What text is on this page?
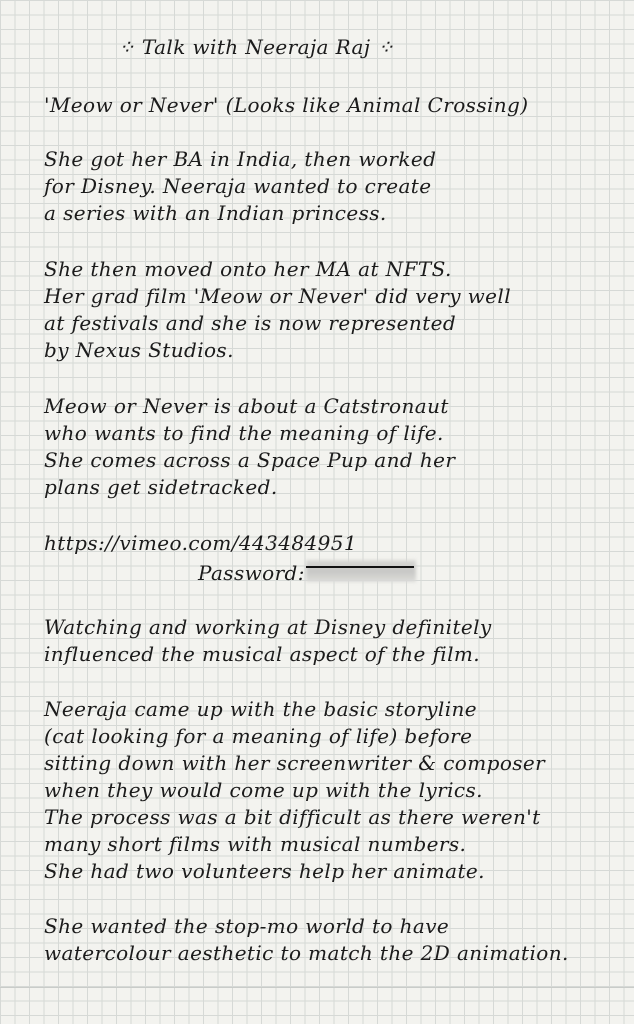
⁘ Talk with Neeraja Raj ⁘
'Meow or Never' (Looks like Animal Crossing)
She got her BA in India, then worked
for Disney. Neeraja wanted to create
a series with an Indian princess.
She then moved onto her MA at NFTS.
Her grad film 'Meow or Never' did very well
at festivals and she is now represented
by Nexus Studios.
Meow or Never is about a Catstronaut
who wants to find the meaning of life.
She comes across a Space Pup and her
plans get sidetracked.
https://vimeo.com/443484951
Password:
Watching and working at Disney definitely
influenced the musical aspect of the film.
Neeraja came up with the basic storyline
(cat looking for a meaning of life) before
sitting down with her screenwriter & composer
when they would come up with the lyrics.
The process was a bit difficult as there weren't
many short films with musical numbers.
She had two volunteers help her animate.
She wanted the stop-mo world to have
watercolour aesthetic to match the 2D animation.
